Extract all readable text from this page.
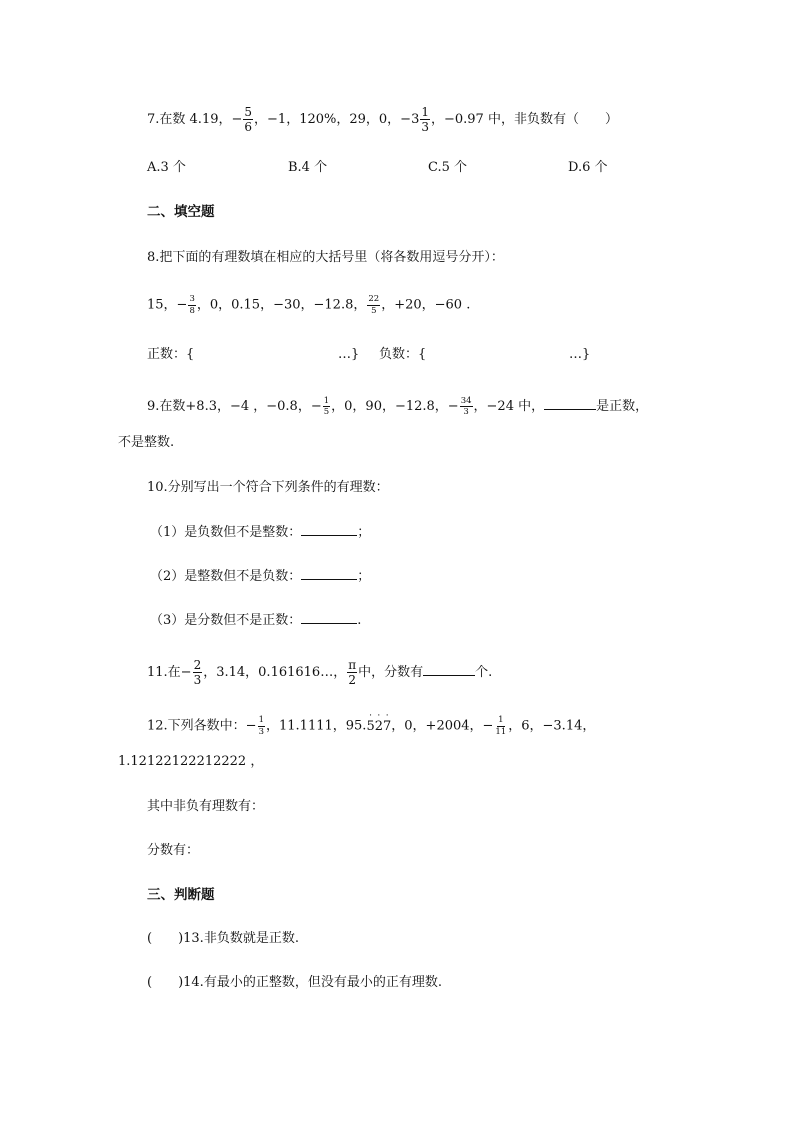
7.在数 4.19，− $\frac{5}{6}$ ，−1，120%，29，0，$-3 \frac{1}{3}$ ，−0.97 中，非负数有（　　）
A.3 个	B.4 个	C.5 个	D.6 个
二、填空题
8.把下面的有理数填在相应的大括号里（将各数用逗号分开）：
15，− $\frac{3}{8}$ ，0，0.15，−30，−12.8， $\frac{22}{5}$ ，+20，−60 .
正数：{	…} 负数：{	…}
9.在数+8.3，−4 ，−0.8，− $\frac{1}{5}$ ，0，90，−12.8，− $\frac{34}{3}$ ，−24 中，	是正数，
不是整数.
10.分别写出一个符合下列条件的有理数：
（1）是负数但不是整数：	；
（2）是整数但不是负数：	；
（3）是分数但不是正数：	.
11.在− $\frac{2}{3}$ ，3.14，0.161616…， $\frac{\pi}{2}$ 中，分数有	个.
12.下列各数中：− $\frac{1}{3}$ ，11.1111，95.
·
5
·
2
·
7，0，+2004，− $\frac{1}{11}$ ，6，−3.14，
1.12122122212222 ，
其中非负有理数有：
分数有：
三、判断题
(　　)13.非负数就是正数.
(　　)14.有最小的正整数，但没有最小的正有理数.
